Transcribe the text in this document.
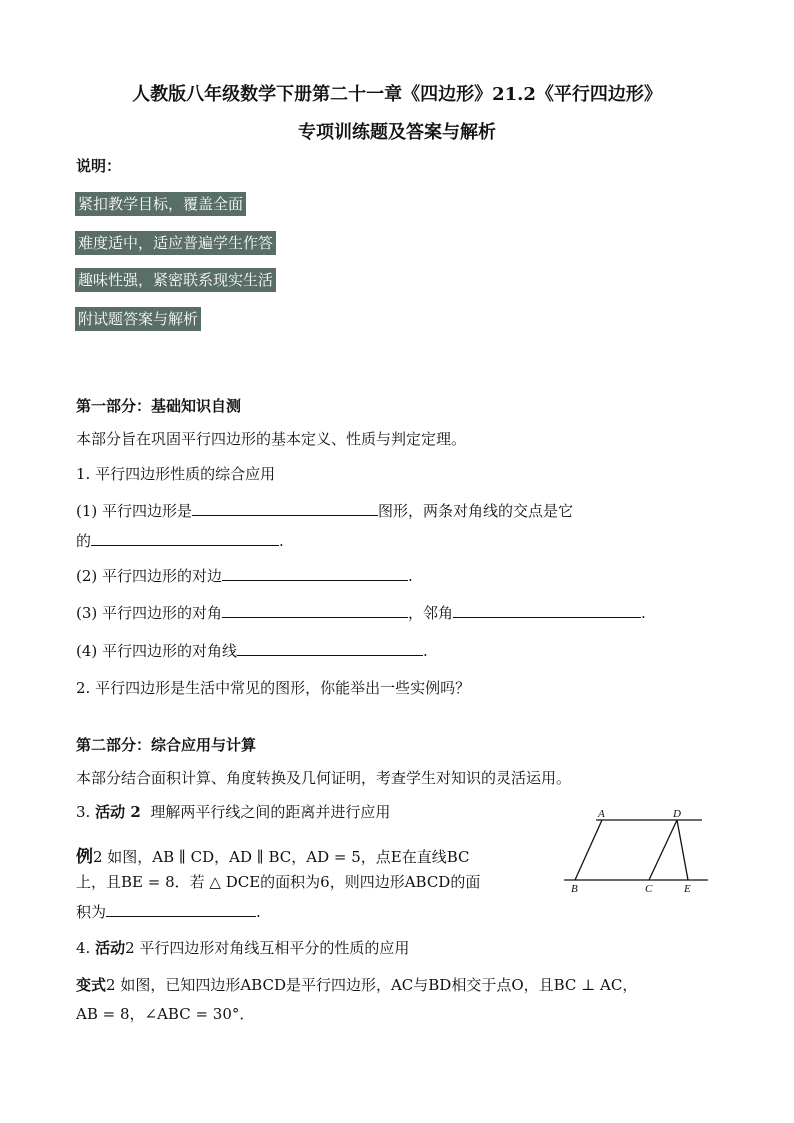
人教版八年级数学下册第二十一章《四边形》21.2《平行四边形》
专项训练题及答案与解析
说明：
紧扣教学目标，覆盖全面
难度适中，适应普遍学生作答
趣味性强，紧密联系现实生活
附试题答案与解析
第一部分：基础知识自测
本部分旨在巩固平行四边形的基本定义、性质与判定定理。
1. 平行四边形性质的综合应用
(1) 平行四边形是	图形，两条对角线的交点是它
的	.
(2) 平行四边形的对边	.
(3) 平行四边形的对角	，邻角	.
(4) 平行四边形的对角线	.
2. 平行四边形是生活中常见的图形，你能举出一些实例吗？
第二部分：综合应用与计算
本部分结合面积计算、角度转换及几何证明，考查学生对知识的灵活运用。
3. 活动 2 理解两平行线之间的距离并进行应用
例2 如图，AB ∥ CD，AD ∥ BC，AD = 5，点E在直线BC
上，且BE = 8．若 △ DCE的面积为6，则四边形ABCD的面
积为	.
A	D
B	C	E
4. 活动2 平行四边形对角线互相平分的性质的应用
变式2 如图，已知四边形ABCD是平行四边形，AC与BD相交于点O，且BC ⊥ AC，
AB = 8，∠ABC = 30°．
